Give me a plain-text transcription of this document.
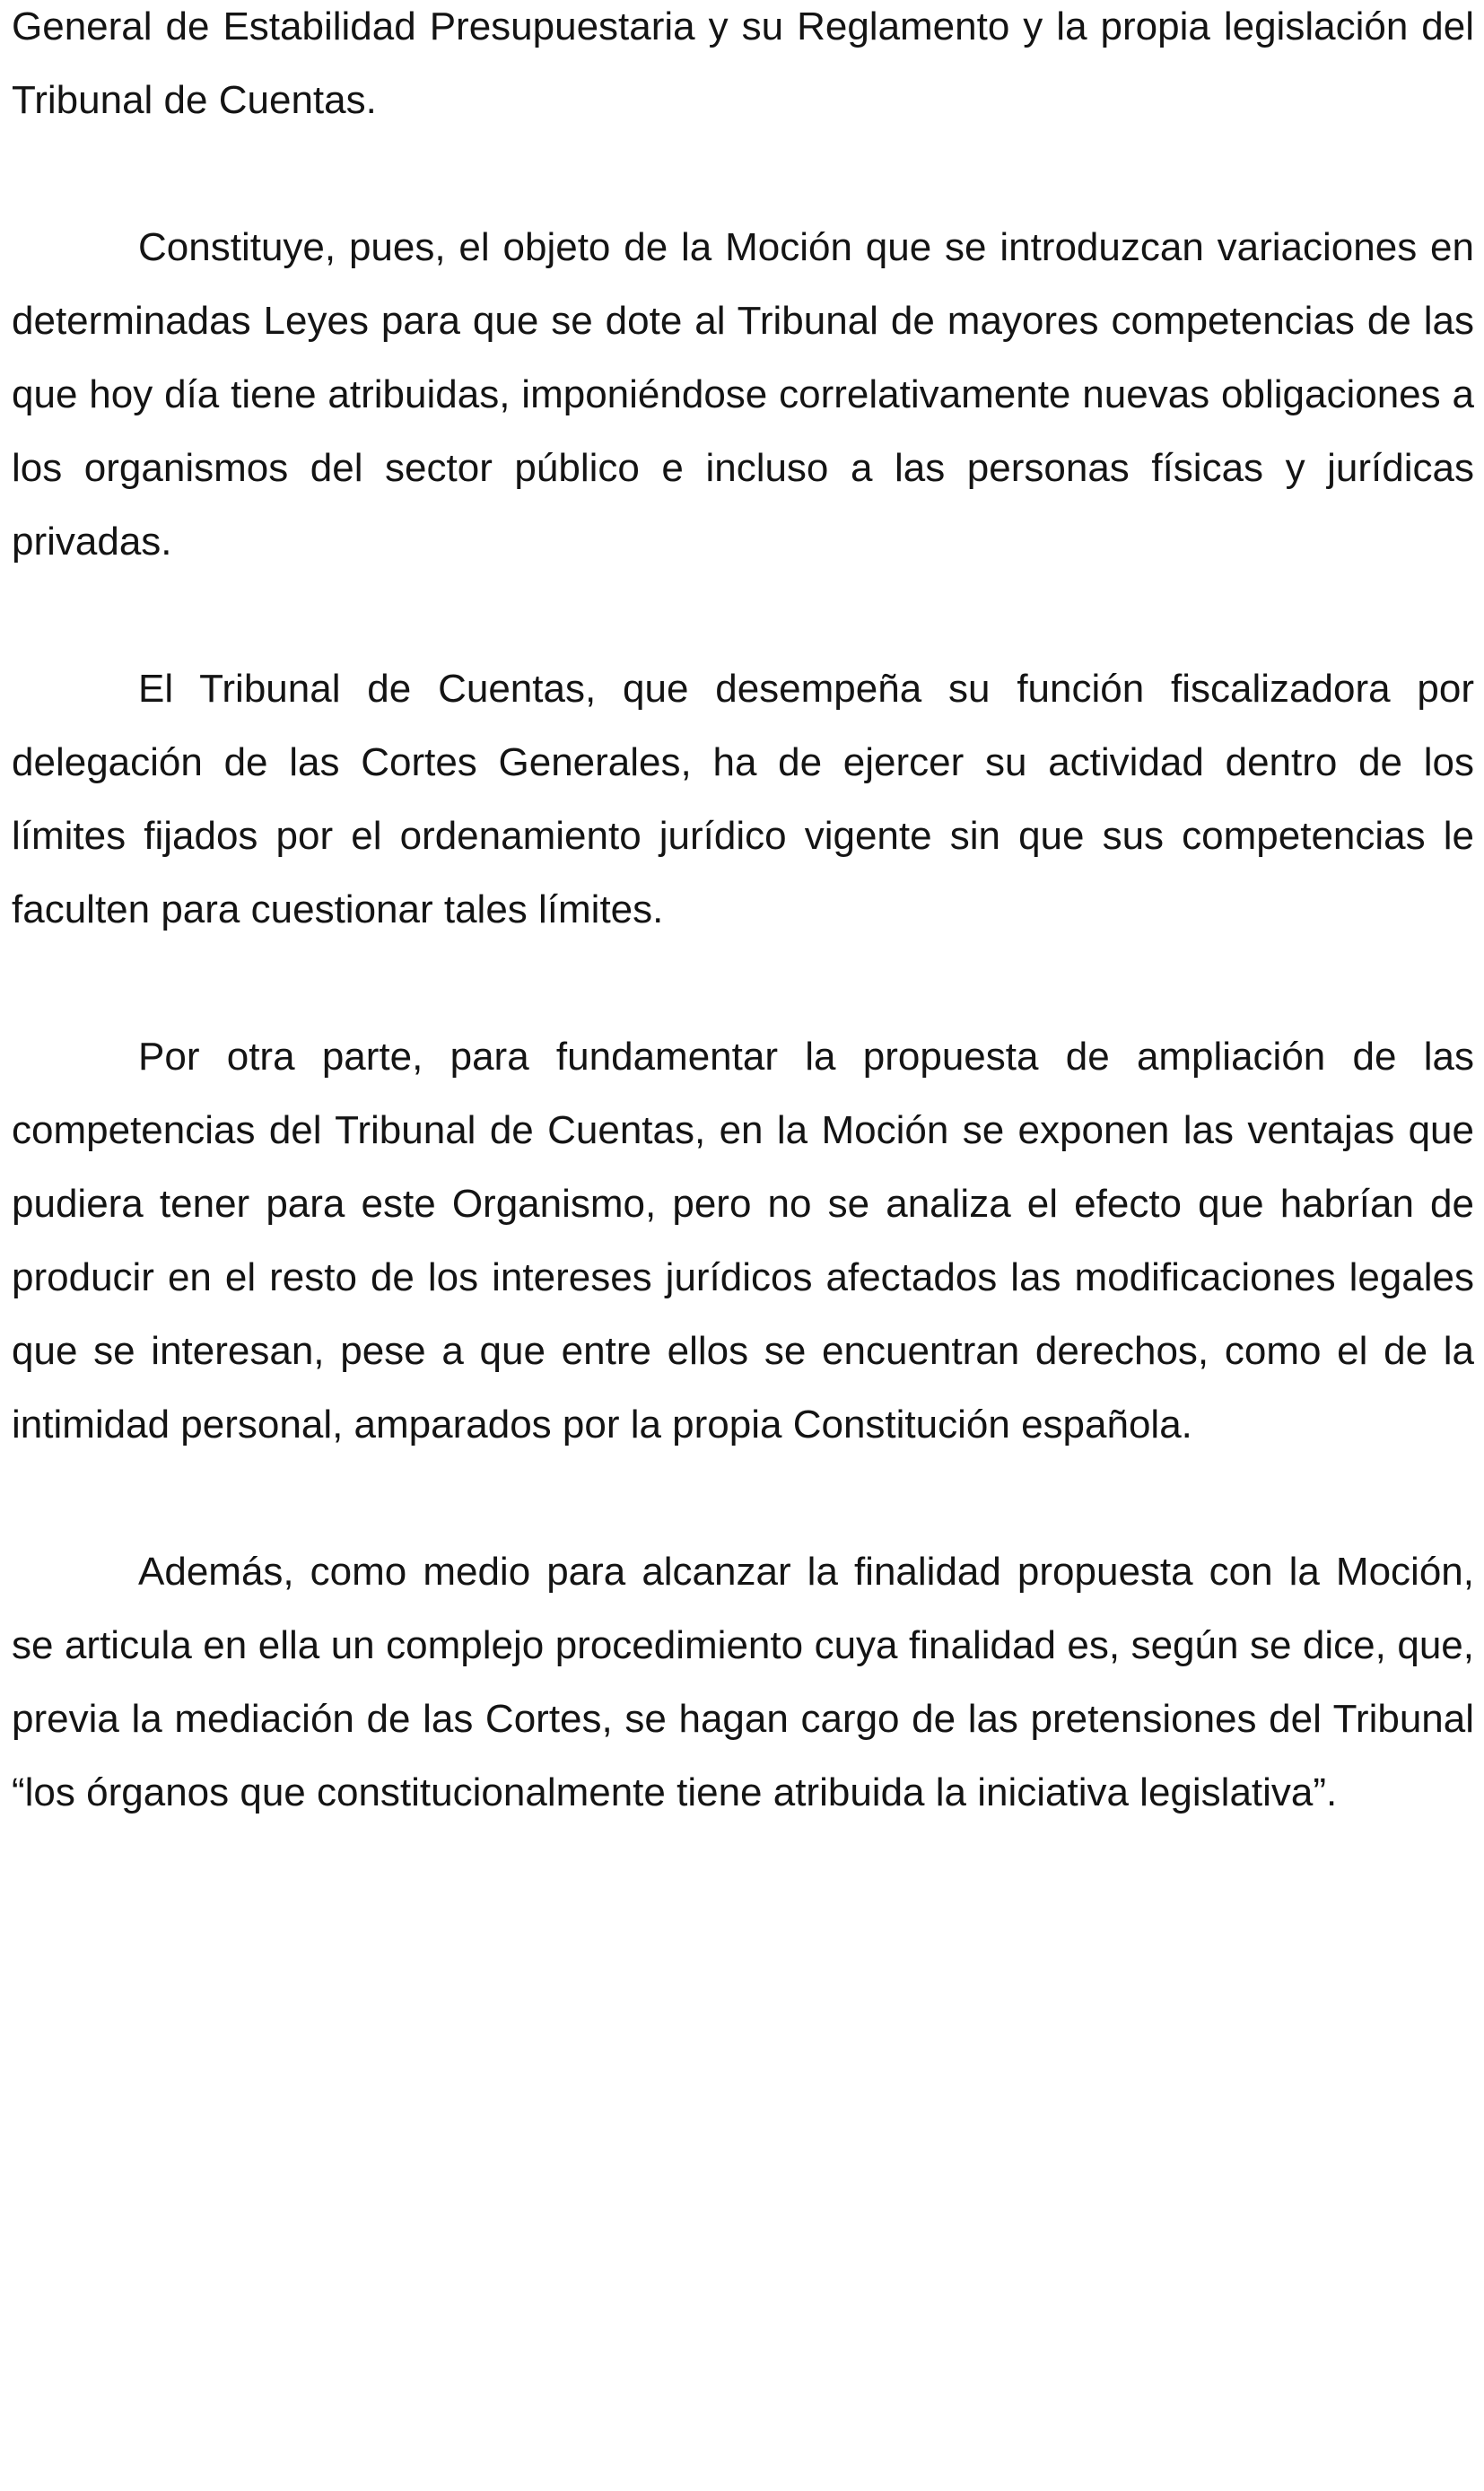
General de Estabilidad Presupuestaria y su Reglamento y la propia legislación del Tribunal de Cuentas.

Constituye, pues, el objeto de la Moción que se introduzcan variaciones en determinadas Leyes para que se dote al Tribunal de mayores competencias de las que hoy día tiene atribuidas, imponiéndose correlativamente nuevas obligaciones a los organismos del sector público e incluso a las personas físicas y jurídicas privadas.

El Tribunal de Cuentas, que desempeña su función fiscalizadora por delegación de las Cortes Generales, ha de ejercer su actividad dentro de los límites fijados por el ordenamiento jurídico vigente sin que sus competencias le faculten para cuestionar tales límites.

Por otra parte, para fundamentar la propuesta de ampliación de las competencias del Tribunal de Cuentas, en la Moción se exponen las ventajas que pudiera tener para este Organismo, pero no se analiza el efecto que habrían de producir en el resto de los intereses jurídicos afectados las modificaciones legales que se interesan, pese a que entre ellos se encuentran derechos, como el de la intimidad personal, amparados por la propia Constitución española.

Además, como medio para alcanzar la finalidad propuesta con la Moción, se articula en ella un complejo procedimiento cuya finalidad es, según se dice, que, previa la mediación de las Cortes, se hagan cargo de las pretensiones del Tribunal “los órganos que constitucionalmente tiene atribuida la iniciativa legislativa”.
